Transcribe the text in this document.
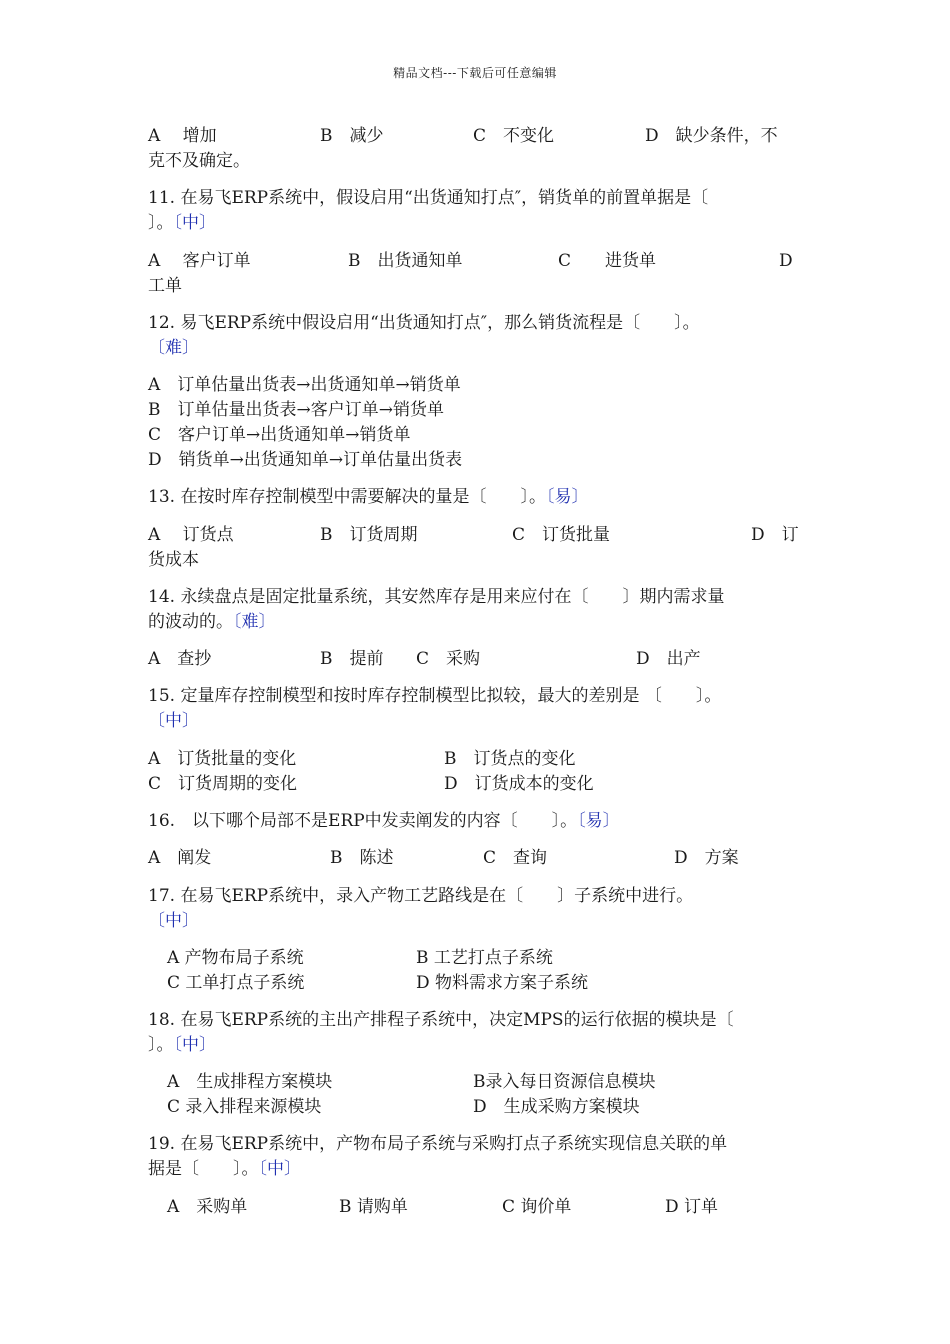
精品文档---下载后可任意编辑
A 　增加	B　减少	C　不变化	D　缺少条件，不
克不及确定。
11. 在易飞ERP系统中，假设启用“出货通知打点″，销货单的前置单据是〔
〕。〔中〕
A 　客户订单	B　出货通知单	C　　进货单	D
工单
12. 易飞ERP系统中假设启用“出货通知打点″，那么销货流程是〔　　〕。
〔难〕
A　订单估量出货表→出货通知单→销货单
B　订单估量出货表→客户订单→销货单
C　客户订单→出货通知单→销货单
D　销货单→出货通知单→订单估量出货表
13. 在按时库存控制模型中需要解决的量是〔　　〕。〔易〕
A 　订货点	B　订货周期	C　订货批量	D　订
货成本
14. 永续盘点是固定批量系统，其安然库存是用来应付在〔　　〕期内需求量
的波动的。〔难〕
A　查抄	B　提前 C　采购	D　出产
15. 定量库存控制模型和按时库存控制模型比拟较，最大的差别是 〔　　〕。
〔中〕
A　订货批量的变化	B　订货点的变化
C　订货周期的变化	D　订货成本的变化
16.　以下哪个局部不是ERP中发卖阐发的内容〔　　〕。〔易〕
A　阐发	B　陈述	C　查询	D　方案
17. 在易飞ERP系统中，录入产物工艺路线是在〔　　〕子系统中进行。
〔中〕
A 产物布局子系统	B 工艺打点子系统
C 工单打点子系统	D 物料需求方案子系统
18. 在易飞ERP系统的主出产排程子系统中，决定MPS的运行依据的模块是〔
〕。〔中〕
A　生成排程方案模块	B录入每日资源信息模块
C 录入排程来源模块	D　生成采购方案模块
19. 在易飞ERP系统中，产物布局子系统与采购打点子系统实现信息关联的单
据是〔　　〕。〔中〕
A　采购单	B 请购单	C 询价单	D 订单
